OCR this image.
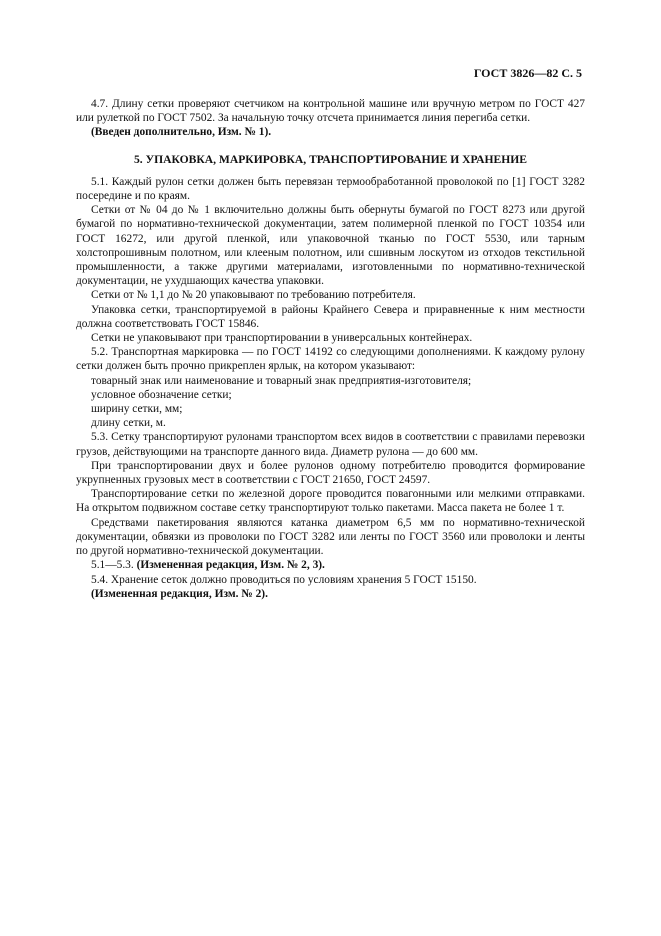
ГОСТ 3826—82 С. 5

4.7. Длину сетки проверяют счетчиком на контрольной машине или вручную метром по ГОСТ 427 или рулеткой по ГОСТ 7502. За начальную точку отсчета принимается линия перегиба сетки.

(Введен дополнительно, Изм. № 1).

5. УПАКОВКА, МАРКИРОВКА, ТРАНСПОРТИРОВАНИЕ И ХРАНЕНИЕ

5.1. Каждый рулон сетки должен быть перевязан термообработанной проволокой по [1] ГОСТ 3282 посередине и по краям.

Сетки от № 04 до № 1 включительно должны быть обернуты бумагой по ГОСТ 8273 или другой бумагой по нормативно-технической документации, затем полимерной пленкой по ГОСТ 10354 или ГОСТ 16272, или другой пленкой, или упаковочной тканью по ГОСТ 5530, или тарным холстопрошивным полотном, или клееным полотном, или сшивным лоскутом из отходов текстильной промышленности, а также другими материалами, изготовленными по нормативно-технической документации, не ухудшающих качества упаковки.

Сетки от № 1,1 до № 20 упаковывают по требованию потребителя.

Упаковка сетки, транспортируемой в районы Крайнего Севера и приравненные к ним местности должна соответствовать ГОСТ 15846.

Сетки не упаковывают при транспортировании в универсальных контейнерах.

5.2. Транспортная маркировка — по ГОСТ 14192 со следующими дополнениями. К каждому рулону сетки должен быть прочно прикреплен ярлык, на котором указывают:

товарный знак или наименование и товарный знак предприятия-изготовителя;

условное обозначение сетки;

ширину сетки, мм;

длину сетки, м.

5.3. Сетку транспортируют рулонами транспортом всех видов в соответствии с правилами перевозки грузов, действующими на транспорте данного вида. Диаметр рулона — до 600 мм.

При транспортировании двух и более рулонов одному потребителю проводится формирование укрупненных грузовых мест в соответствии с ГОСТ 21650, ГОСТ 24597.

Транспортирование сетки по железной дороге проводится повагонными или мелкими отправками. На открытом подвижном составе сетку транспортируют только пакетами. Масса пакета не более 1 т.

Средствами пакетирования являются катанка диаметром 6,5 мм по нормативно-технической документации, обвязки из проволоки по ГОСТ 3282 или ленты по ГОСТ 3560 или проволоки и ленты по другой нормативно-технической документации.

5.1—5.3. (Измененная редакция, Изм. № 2, 3).

5.4. Хранение сеток должно проводиться по условиям хранения 5 ГОСТ 15150.

(Измененная редакция, Изм. № 2).
